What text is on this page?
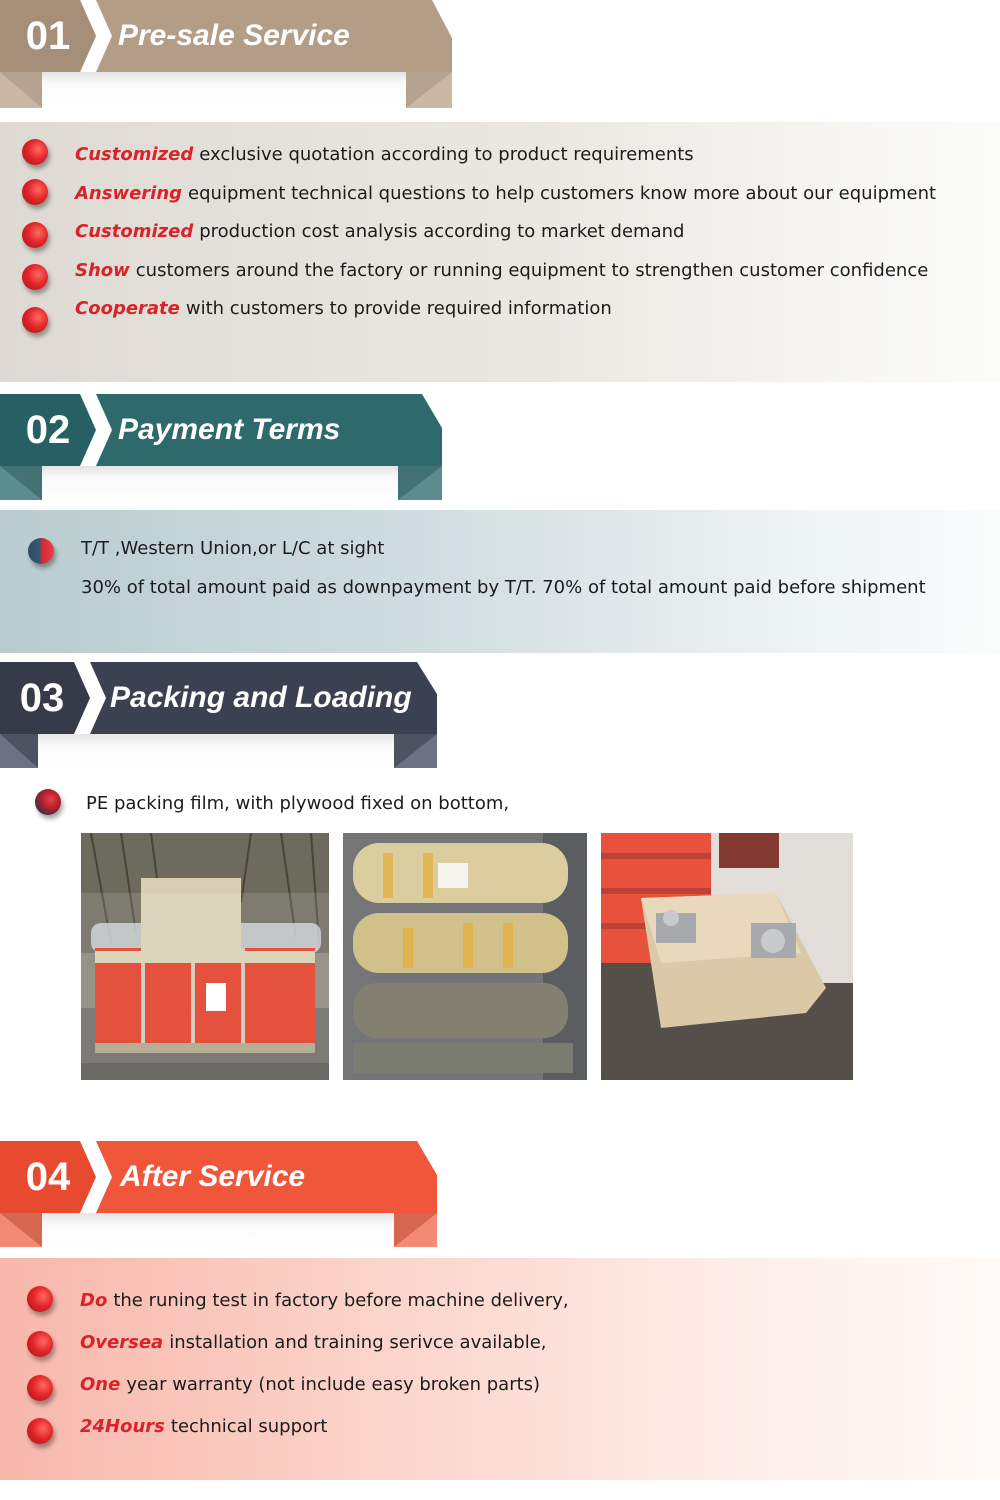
01	Pre-sale Service
Customized exclusive quotation according to product requirements
Answering equipment technical questions to help customers know more about our equipment
Customized production cost analysis according to market demand
Show customers around the factory or running equipment to strengthen customer confidence
Cooperate with customers to provide required information
02	Payment Terms
T/T ,Western Union,or L/C at sight
30% of total amount paid as downpayment by T/T. 70% of total amount paid before shipment
03	Packing and Loading
PE packing film, with plywood fixed on bottom,
04	After Service
Do the runing test in factory before machine delivery,
Oversea installation and training serivce available,
One year warranty (not include easy broken parts)
24Hours technical support
